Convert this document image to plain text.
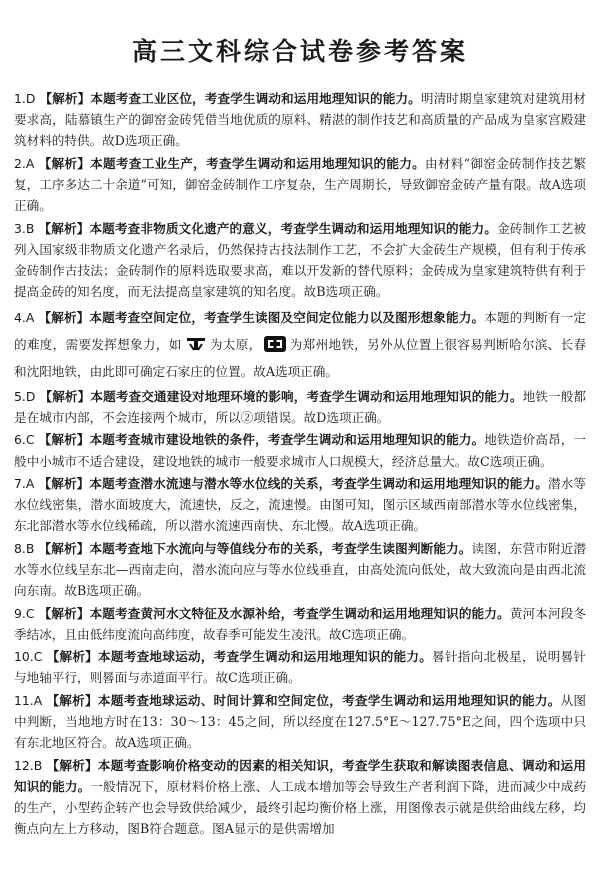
高三文科综合试卷参考答案

1.D 【解析】本题考查工业区位，考查学生调动和运用地理知识的能力。明清时期皇家建筑对建筑用材要求高，陆慕镇生产的御窑金砖凭借当地优质的原料、精湛的制作技艺和高质量的产品成为皇家宫殿建筑材料的特供。故D选项正确。

2.A 【解析】本题考查工业生产，考查学生调动和运用地理知识的能力。由材料“御窑金砖制作技艺繁复，工序多达二十余道”可知，御窑金砖制作工序复杂，生产周期长，导致御窑金砖产量有限。故A选项正确。

3.B 【解析】本题考查非物质文化遗产的意义，考查学生调动和运用地理知识的能力。金砖制作工艺被列入国家级非物质文化遗产名录后，仍然保持古技法制作工艺，不会扩大金砖生产规模，但有利于传承金砖制作古技法；金砖制作的原料选取要求高，难以开发新的替代原料；金砖成为皇家建筑特供有利于提高金砖的知名度，而无法提高皇家建筑的知名度。故B选项正确。

4.A 【解析】本题考查空间定位，考查学生读图及空间定位能力以及图形想象能力。本题的判断有一定的难度，需要发挥想象力，如 为太原， 为郑州地铁，另外从位置上很容易判断哈尔滨、长春和沈阳地铁，由此即可确定石家庄的位置。故A选项正确。

5.D 【解析】本题考查交通建设对地理环境的影响，考查学生调动和运用地理知识的能力。地铁一般都是在城市内部，不会连接两个城市，所以②项错误。故D选项正确。

6.C 【解析】本题考查城市建设地铁的条件，考查学生调动和运用地理知识的能力。地铁造价高昂，一般中小城市不适合建设，建设地铁的城市一般要求城市人口规模大，经济总量大。故C选项正确。

7.A 【解析】本题考查潜水流速与潜水等水位线的关系，考查学生调动和运用地理知识的能力。潜水等水位线密集，潜水面坡度大，流速快，反之，流速慢。由图可知，图示区域西南部潜水等水位线密集，东北部潜水等水位线稀疏，所以潜水流速西南快、东北慢。故A选项正确。

8.B 【解析】本题考查地下水流向与等值线分布的关系，考查学生读图判断能力。读图，东营市附近潜水等水位线呈东北—西南走向，潜水流向应与等水位线垂直，由高处流向低处，故大致流向是由西北流向东南。故B选项正确。

9.C 【解析】本题考查黄河水文特征及水源补给，考查学生调动和运用地理知识的能力。黄河本河段冬季结冰，且由低纬度流向高纬度，故春季可能发生凌汛。故C选项正确。

10.C 【解析】本题考查地球运动，考查学生调动和运用地理知识的能力。晷针指向北极星，说明晷针与地轴平行，则晷面与赤道面平行。故C选项正确。

11.A 【解析】本题考查地球运动、时间计算和空间定位，考查学生调动和运用地理知识的能力。从图中判断，当地地方时在13：30～13：45之间，所以经度在127.5°E～127.75°E之间，四个选项中只有东北地区符合。故A选项正确。

12.B 【解析】本题考查影响价格变动的因素的相关知识，考查学生获取和解读图表信息、调动和运用知识的能力。一般情况下，原材料价格上涨、人工成本增加等会导致生产者利润下降，进而减少中成药的生产，小型药企转产也会导致供给减少，最终引起均衡价格上涨，用图像表示就是供给曲线左移，均衡点向左上方移动，图B符合题意。图A显示的是供需增加
